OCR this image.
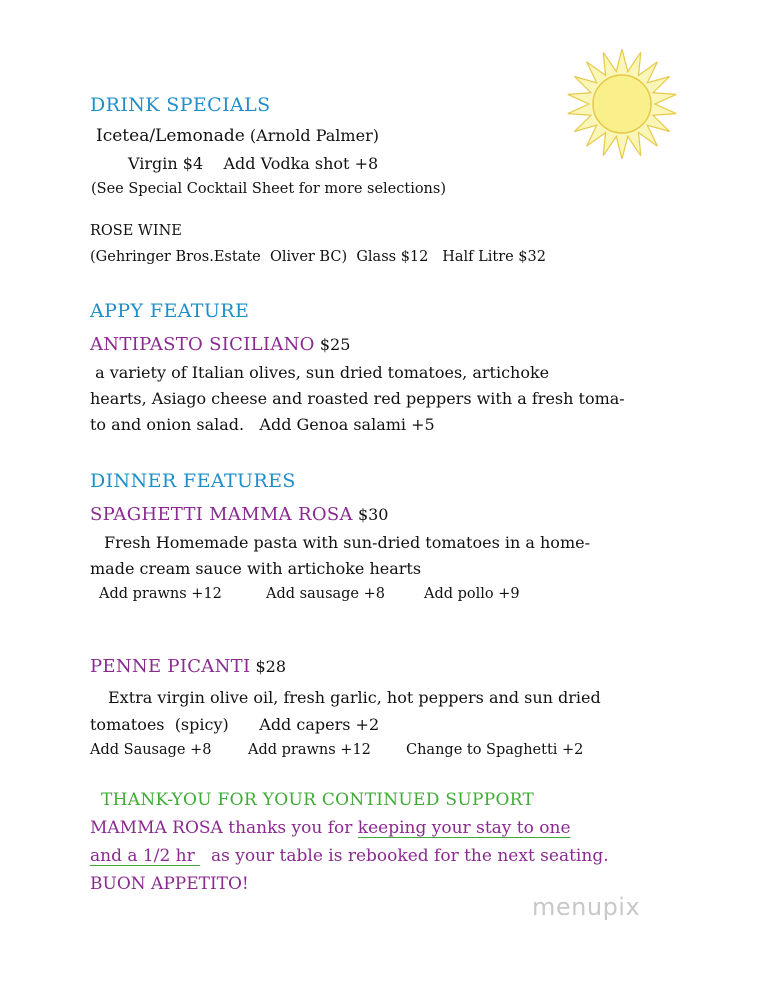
DRINK SPECIALS
Icetea/Lemonade (Arnold Palmer)
Virgin $4    Add Vodka shot +8
(See Special Cocktail Sheet for more selections)
ROSE WINE
(Gehringer Bros.Estate  Oliver BC)  Glass $12   Half Litre $32
APPY FEATURE
ANTIPASTO SICILIANO $25
a variety of Italian olives, sun dried tomatoes, artichoke
hearts, Asiago cheese and roasted red peppers with a fresh toma-
to and onion salad.   Add Genoa salami +5
DINNER FEATURES
SPAGHETTI MAMMA ROSA $30
Fresh Homemade pasta with sun-dried tomatoes in a home-
made cream sauce with artichoke hearts
Add prawns +12	Add sausage +8	Add pollo +9
PENNE PICANTI $28
Extra virgin olive oil, fresh garlic, hot peppers and sun dried
tomatoes  (spicy)      Add capers +2
Add Sausage +8	Add prawns +12 Change to Spaghetti +2
THANK-YOU FOR YOUR CONTINUED SUPPORT
MAMMA ROSA thanks you for keeping your stay to one
and a 1/2 hr   as your table is rebooked for the next seating.
BUON APPETITO!
menupix
